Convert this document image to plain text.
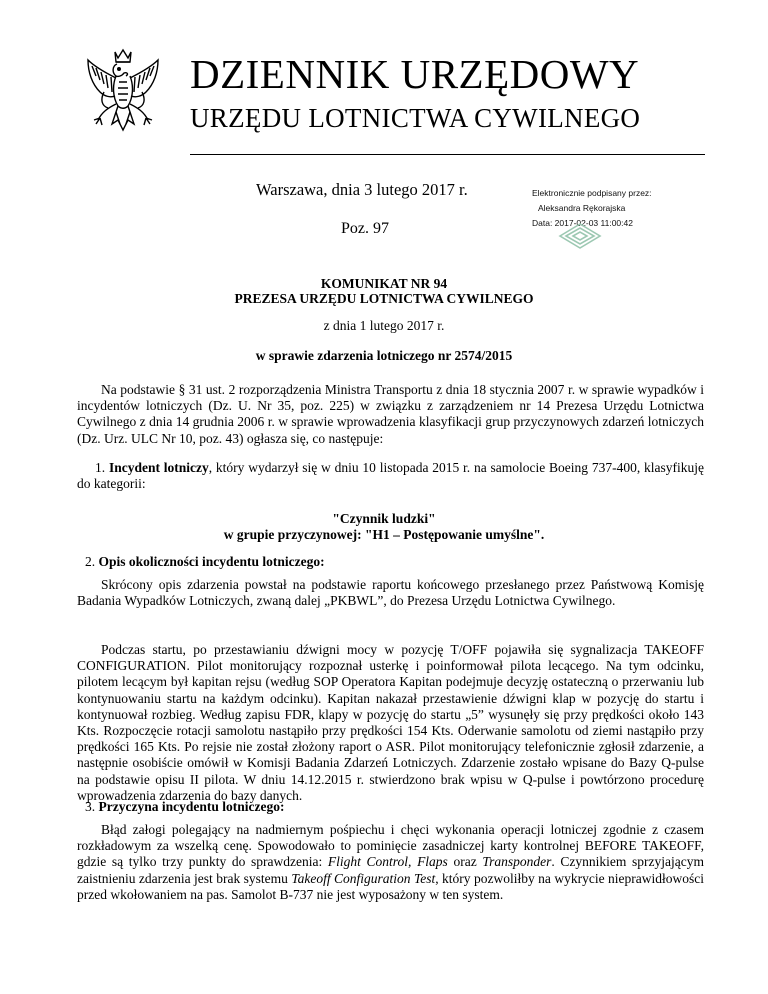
DZIENNIK URZĘDOWY
URZĘDU LOTNICTWA CYWILNEGO
Warszawa, dnia 3 lutego 2017 r.
Poz. 97
Elektronicznie podpisany przez:
Aleksandra Rękorajska
Data: 2017-02-03 11:00:42
KOMUNIKAT NR 94
PREZESA URZĘDU LOTNICTWA CYWILNEGO
z dnia 1 lutego 2017 r.
w sprawie zdarzenia lotniczego nr 2574/2015
Na podstawie § 31 ust. 2 rozporządzenia Ministra Transportu z dnia 18 stycznia 2007 r. w sprawie wypadków i incydentów lotniczych (Dz. U. Nr 35, poz. 225) w związku z zarządzeniem nr 14 Prezesa Urzędu Lotnictwa Cywilnego z dnia 14 grudnia 2006 r. w sprawie wprowadzenia klasyfikacji grup przyczynowych zdarzeń lotniczych (Dz. Urz. ULC Nr 10, poz. 43) ogłasza się, co następuje:
1. Incydent lotniczy, który wydarzył się w dniu 10 listopada 2015 r. na samolocie Boeing 737-400, klasyfikuję do kategorii:
"Czynnik ludzki"
w grupie przyczynowej: "H1 – Postępowanie umyślne".
2. Opis okoliczności incydentu lotniczego:
Skrócony opis zdarzenia powstał na podstawie raportu końcowego przesłanego przez Państwową Komisję Badania Wypadków Lotniczych, zwaną dalej „PKBWL”, do Prezesa Urzędu Lotnictwa Cywilnego.
Podczas startu, po przestawianiu dźwigni mocy w pozycję T/OFF pojawiła się sygnalizacja TAKEOFF CONFIGURATION. Pilot monitorujący rozpoznał usterkę i poinformował pilota lecącego. Na tym odcinku, pilotem lecącym był kapitan rejsu (według SOP Operatora Kapitan podejmuje decyzję ostateczną o przerwaniu lub kontynuowaniu startu na każdym odcinku). Kapitan nakazał przestawienie dźwigni klap w pozycję do startu i kontynuował rozbieg. Według zapisu FDR, klapy w pozycję do startu „5” wysunęły się przy prędkości około 143 Kts. Rozpoczęcie rotacji samolotu nastąpiło przy prędkości 154 Kts. Oderwanie samolotu od ziemi nastąpiło przy prędkości 165 Kts. Po rejsie nie został złożony raport o ASR. Pilot monitorujący telefonicznie zgłosił zdarzenie, a następnie osobiście omówił w Komisji Badania Zdarzeń Lotniczych. Zdarzenie zostało wpisane do Bazy Q-pulse na podstawie opisu II pilota. W dniu 14.12.2015 r. stwierdzono brak wpisu w Q-pulse i powtórzono procedurę wprowadzenia zdarzenia do bazy danych.
3. Przyczyna incydentu lotniczego:
Błąd załogi polegający na nadmiernym pośpiechu i chęci wykonania operacji lotniczej zgodnie z czasem rozkładowym za wszelką cenę. Spowodowało to pominięcie zasadniczej karty kontrolnej BEFORE TAKEOFF, gdzie są tylko trzy punkty do sprawdzenia: Flight Control, Flaps oraz Transponder. Czynnikiem sprzyjającym zaistnieniu zdarzenia jest brak systemu Takeoff Configuration Test, który pozwoliłby na wykrycie nieprawidłowości przed wkołowaniem na pas. Samolot B-737 nie jest wyposażony w ten system.
